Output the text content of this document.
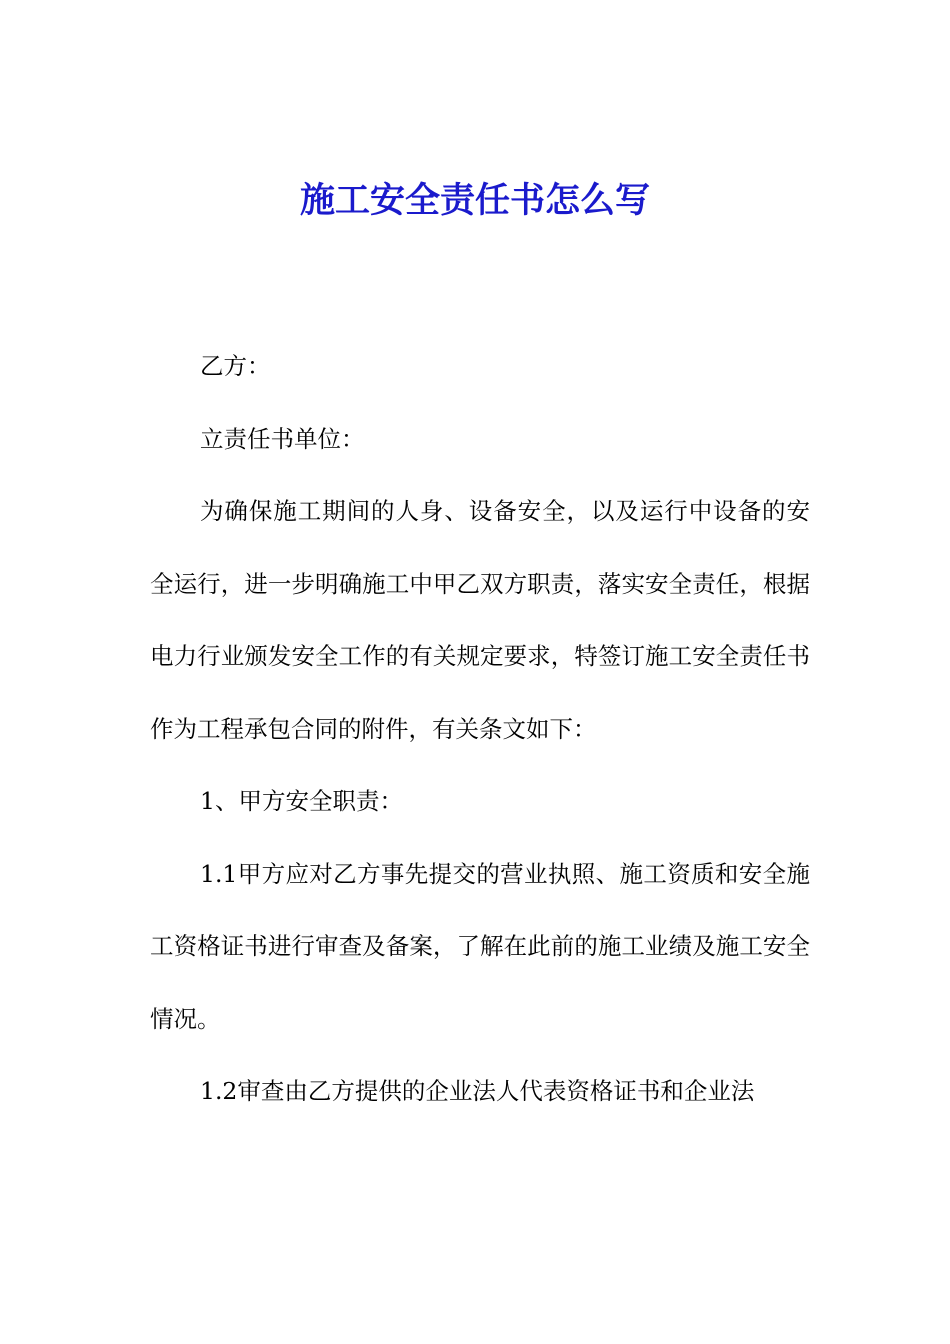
施工安全责任书怎么写

乙方：

立责任书单位：

为确保施工期间的人身、设备安全，以及运行中设备的安全运行，进一步明确施工中甲乙双方职责，落实安全责任，根据电力行业颁发安全工作的有关规定要求，特签订施工安全责任书作为工程承包合同的附件，有关条文如下：

1、甲方安全职责：

1.1甲方应对乙方事先提交的营业执照、施工资质和安全施工资格证书进行审查及备案，了解在此前的施工业绩及施工安全情况。

1.2审查由乙方提供的企业法人代表资格证书和企业法
